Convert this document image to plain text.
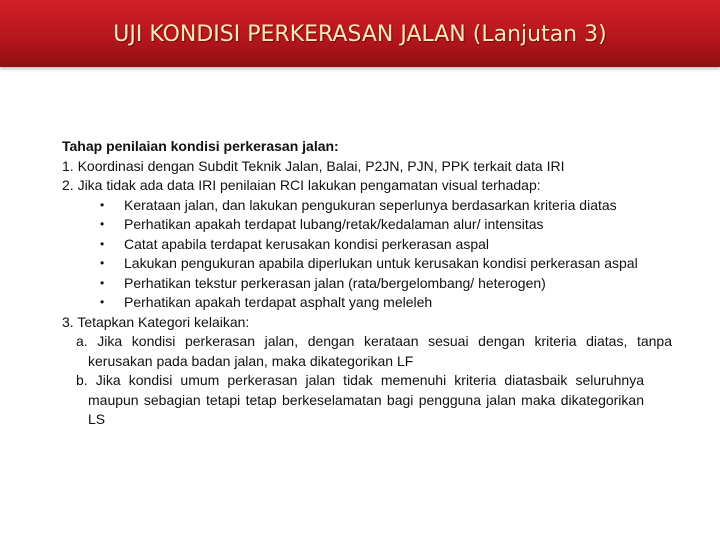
UJI KONDISI PERKERASAN JALAN (Lanjutan 3)
Tahap penilaian kondisi perkerasan jalan:
1. Koordinasi dengan Subdit Teknik Jalan, Balai, P2JN, PJN, PPK terkait data IRI
2. Jika tidak ada data IRI penilaian RCI lakukan pengamatan visual terhadap:
• Kerataan jalan, dan lakukan pengukuran seperlunya berdasarkan kriteria diatas
• Perhatikan apakah terdapat lubang/retak/kedalaman alur/ intensitas
• Catat apabila terdapat kerusakan kondisi perkerasan aspal
• Lakukan pengukuran apabila diperlukan untuk kerusakan kondisi perkerasan aspal
• Perhatikan tekstur perkerasan jalan (rata/bergelombang/ heterogen)
• Perhatikan apakah terdapat asphalt yang meleleh
3. Tetapkan Kategori kelaikan:
a. Jika kondisi perkerasan jalan, dengan kerataan sesuai dengan kriteria diatas, tanpa kerusakan pada badan jalan, maka dikategorikan LF
b. Jika kondisi umum perkerasan jalan tidak memenuhi kriteria diatasbaik seluruhnya maupun sebagian tetapi tetap berkeselamatan bagi pengguna jalan maka dikategorikan LS
